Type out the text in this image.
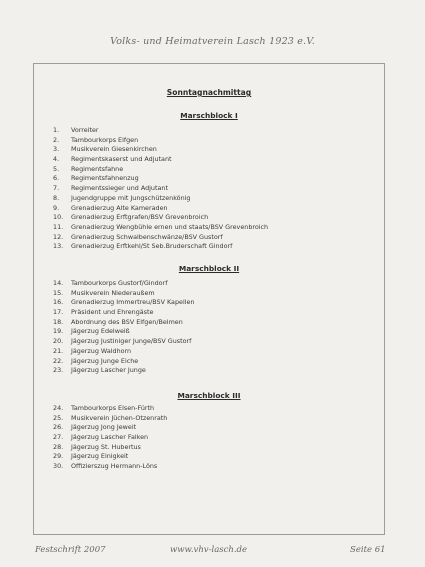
Volks- und Heimatverein Lasch 1923 e.V.
Sonntagnachmittag
Marschblock I
1.	Vorreiter
2.	Tambourkorps Elfgen
3.	Musikverein Giesenkirchen
4.	Regimentskaserst und Adjutant
5.	Regimentsfahne
6.	Regimentsfahnenzug
7.	Regimentssieger und Adjutant
8.	Jugendgruppe mit Jungschützenkönig
9.	Grenadierzug Alte Kameraden
10.	Grenadierzug Erftgrafen/BSV Grevenbroich
11.	Grenadierzug Wengbühle ernen und staats/BSV Grevenbroich
12.	Grenadierzug Schwalbenschwänze/BSV Gustorf
13.	Grenadierzug Erftkehl/St Seb.Bruderschaft Gindorf
Marschblock II
14.	Tambourkorps Gustorf/Gindorf
15.	Musikverein Niederaußem
16.	Grenadierzug Immertreu/BSV Kapellen
17.	Präsident und Ehrengäste
18.	Abordnung des BSV Elfgen/Belmen
19.	Jägerzug Edelweiß
20.	Jägerzug Justiniger Junge/BSV Gustorf
21.	Jägerzug Waldhorn
22.	Jägerzug Junge Eiche
23.	Jägerzug Lascher Junge
Marschblock III
24.	Tambourkorps Elsen-Fürth
25.	Musikverein Jüchen-Otzenrath
26.	Jägerzug Jong Jeweit
27.	Jägerzug Lascher Falken
28.	Jägerzug St. Hubertus
29.	Jägerzug Einigkeit
30.	Offizierszug Hermann-Löns
Festschrift 2007	www.vhv-lasch.de	Seite 61
